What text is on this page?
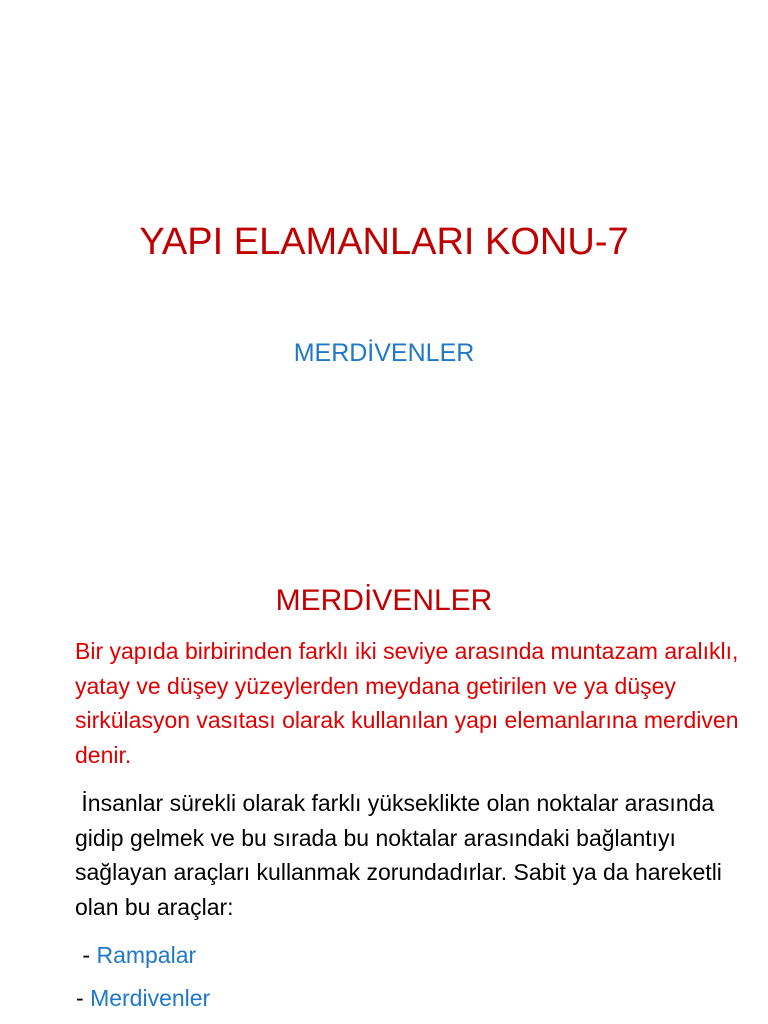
YAPI ELAMANLARI KONU-7
MERDİVENLER
MERDİVENLER

Bir yapıda birbirinden farklı iki seviye arasında muntazam aralıklı, yatay ve düşey yüzeylerden meydana getirilen ve ya düşey sirkülasyon vasıtası olarak kullanılan yapı elemanlarına merdiven denir.

İnsanlar sürekli olarak farklı yükseklikte olan noktalar arasında gidip gelmek ve bu sırada bu noktalar arasındaki bağlantıyı sağlayan araçları kullanmak zorundadırlar. Sabit ya da hareketli olan bu araçlar:

- Rampalar
- Merdivenler
